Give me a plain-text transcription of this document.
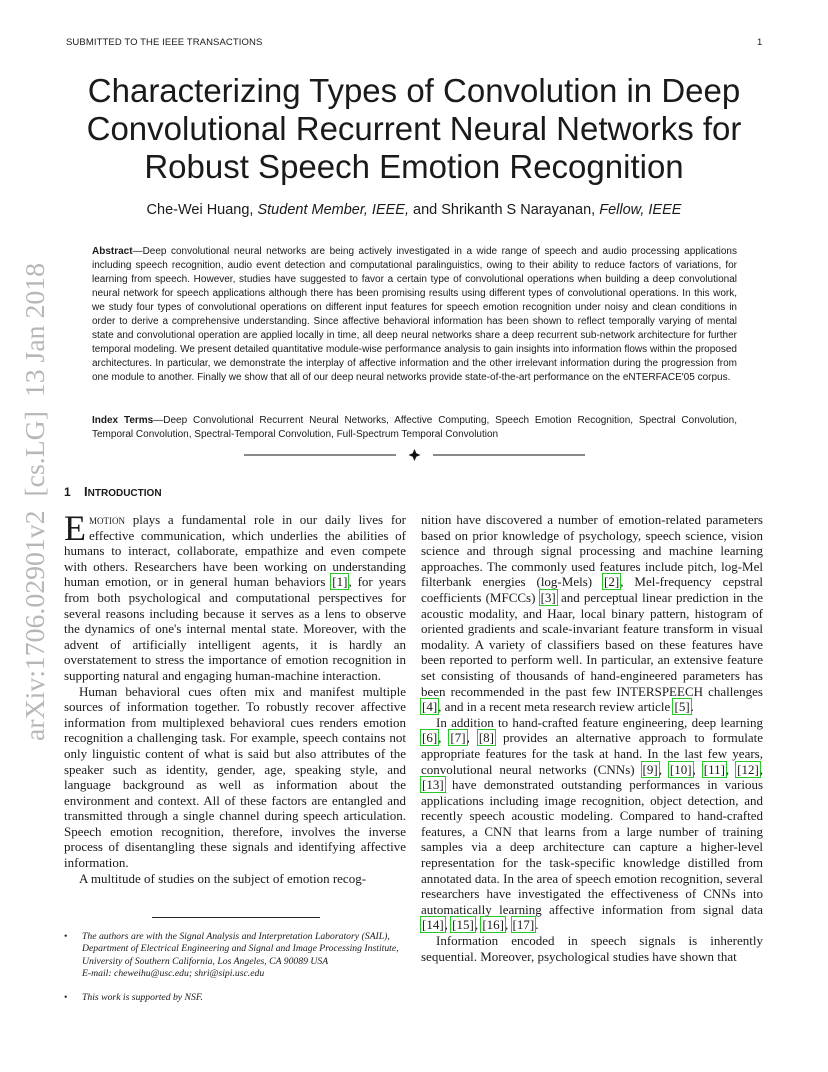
SUBMITTED TO THE IEEE TRANSACTIONS	1
arXiv:1706.02901v2  [cs.LG]  13 Jan 2018
Characterizing Types of Convolution in Deep Convolutional Recurrent Neural Networks for Robust Speech Emotion Recognition
Che-Wei Huang, Student Member, IEEE, and Shrikanth S Narayanan, Fellow, IEEE
Abstract—Deep convolutional neural networks are being actively investigated in a wide range of speech and audio processing applications including speech recognition, audio event detection and computational paralinguistics, owing to their ability to reduce factors of variations, for learning from speech. However, studies have suggested to favor a certain type of convolutional operations when building a deep convolutional neural network for speech applications although there has been promising results using different types of convolutional operations. In this work, we study four types of convolutional operations on different input features for speech emotion recognition under noisy and clean conditions in order to derive a comprehensive understanding. Since affective behavioral information has been shown to reflect temporally varying of mental state and convolutional operation are applied locally in time, all deep neural networks share a deep recurrent sub-network architecture for further temporal modeling. We present detailed quantitative module-wise performance analysis to gain insights into information flows within the proposed architectures. In particular, we demonstrate the interplay of affective information and the other irrelevant information during the progression from one module to another. Finally we show that all of our deep neural networks provide state-of-the-art performance on the eNTERFACE'05 corpus.
Index Terms—Deep Convolutional Recurrent Neural Networks, Affective Computing, Speech Emotion Recognition, Spectral Convolution, Temporal Convolution, Spectral-Temporal Convolution, Full-Spectrum Temporal Convolution
1 INTRODUCTION

Emotion plays a fundamental role in our daily lives for effective communication, which underlies the abilities of humans to interact, collaborate, empathize and even compete with others. Researchers have been working on understanding human emotion, or in general human behaviors [1], for years from both psychological and computational perspectives for several reasons including because it serves as a lens to observe the dynamics of one's internal mental state. Moreover, with the advent of artificially intelligent agents, it is hardly an overstatement to stress the importance of emotion recognition in supporting natural and engaging human-machine interaction.

Human behavioral cues often mix and manifest multiple sources of information together. To robustly recover affective information from multiplexed behavioral cues renders emotion recognition a challenging task. For example, speech contains not only linguistic content of what is said but also attributes of the speaker such as identity, gender, age, speaking style, and language background as well as information about the environment and context. All of these factors are entangled and transmitted through a single channel during speech articulation. Speech emotion recognition, therefore, involves the inverse process of disentangling these signals and identifying affective information.

A multitude of studies on the subject of emotion recog-

nition have discovered a number of emotion-related parameters based on prior knowledge of psychology, speech science, vision science and through signal processing and machine learning approaches. The commonly used features include pitch, log-Mel filterbank energies (log-Mels) [2], Mel-frequency cepstral coefficients (MFCCs) [3] and perceptual linear prediction in the acoustic modality, and Haar, local binary pattern, histogram of oriented gradients and scale-invariant feature transform in visual modality. A variety of classifiers based on these features have been reported to perform well. In particular, an extensive feature set consisting of thousands of hand-engineered parameters has been recommended in the past few INTERSPEECH challenges [4], and in a recent meta research review article [5].

In addition to hand-crafted feature engineering, deep learning [6], [7], [8] provides an alternative approach to formulate appropriate features for the task at hand. In the last few years, convolutional neural networks (CNNs) [9], [10], [11], [12], [13] have demonstrated outstanding performances in various applications including image recognition, object detection, and recently speech acoustic modeling. Compared to hand-crafted features, a CNN that learns from a large number of training samples via a deep architecture can capture a higher-level representation for the task-specific knowledge distilled from annotated data. In the area of speech emotion recognition, several researchers have investigated the effectiveness of CNNs into automatically learning affective information from signal data [14], [15], [16], [17].

Information encoded in speech signals is inherently sequential. Moreover, psychological studies have shown that

• The authors are with the Signal Analysis and Interpretation Laboratory (SAIL), Department of Electrical Engineering and Signal and Image Processing Institute, University of Southern California, Los Angeles, CA 90089 USA
E-mail: cheweihu@usc.edu; shri@sipi.usc.edu
• This work is supported by NSF.
